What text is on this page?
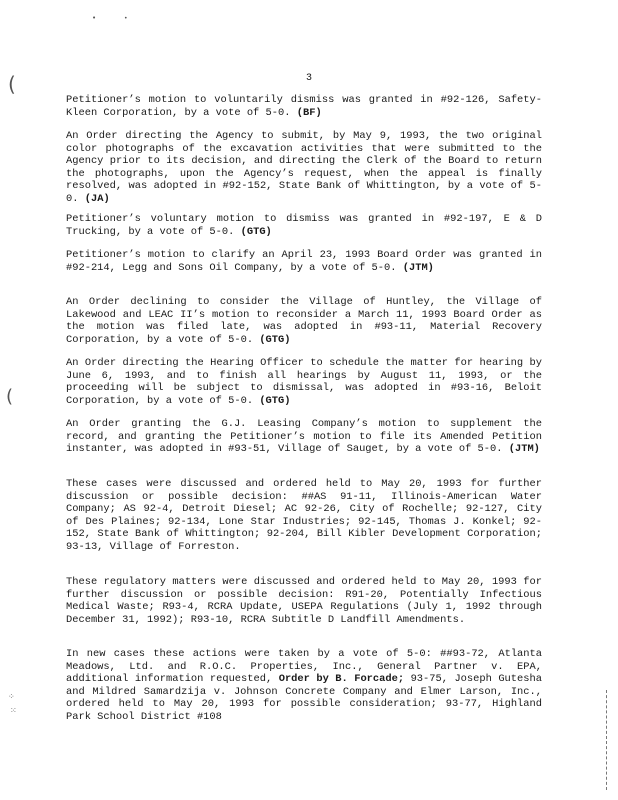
•	•
(
(
⁘
⁙
3
Petitioner’s motion to voluntarily dismiss was granted in #92-126, Safety-Kleen Corporation, by a vote of 5-0. (BF)
An Order directing the Agency to submit, by May 9, 1993, the two original color photographs of the excavation activities that were submitted to the Agency prior to its decision, and directing the Clerk of the Board to return the photographs, upon the Agency’s request, when the appeal is finally resolved, was adopted in #92-152, State Bank of Whittington, by a vote of 5-0. (JA)
Petitioner’s voluntary motion to dismiss was granted in #92-197, E & D Trucking, by a vote of 5-0. (GTG)
Petitioner’s motion to clarify an April 23, 1993 Board Order was granted in #92-214, Legg and Sons Oil Company, by a vote of 5-0. (JTM)
An Order declining to consider the Village of Huntley, the Village of Lakewood and LEAC II’s motion to reconsider a March 11, 1993 Board Order as the motion was filed late, was adopted in #93-11, Material Recovery Corporation, by a vote of 5-0. (GTG)
An Order directing the Hearing Officer to schedule the matter for hearing by June 6, 1993, and to finish all hearings by August 11, 1993, or the proceeding will be subject to dismissal, was adopted in #93-16, Beloit Corporation, by a vote of 5-0. (GTG)
An Order granting the G.J. Leasing Company’s motion to supplement the record, and granting the Petitioner’s motion to file its Amended Petition instanter, was adopted in #93-51, Village of Sauget, by a vote of 5-0. (JTM)
These cases were discussed and ordered held to May 20, 1993 for further discussion or possible decision: ##AS 91-11, Illinois-American Water Company; AS 92-4, Detroit Diesel; AC 92-26, City of Rochelle; 92-127, City of Des Plaines; 92-134, Lone Star Industries; 92-145, Thomas J. Konkel; 92-152, State Bank of Whittington; 92-204, Bill Kibler Development Corporation; 93-13, Village of Forreston.
These regulatory matters were discussed and ordered held to May 20, 1993 for further discussion or possible decision: R91-20, Potentially Infectious Medical Waste; R93-4, RCRA Update, USEPA Regulations (July 1, 1992 through December 31, 1992); R93-10, RCRA Subtitle D Landfill Amendments.
In new cases these actions were taken by a vote of 5-0: ##93-72, Atlanta Meadows, Ltd. and R.O.C. Properties, Inc., General Partner v. EPA, additional information requested, Order by B. Forcade; 93-75, Joseph Gutesha and Mildred Samardzija v. Johnson Concrete Company and Elmer Larson, Inc., ordered held to May 20, 1993 for possible consideration; 93-77, Highland Park School District #108
